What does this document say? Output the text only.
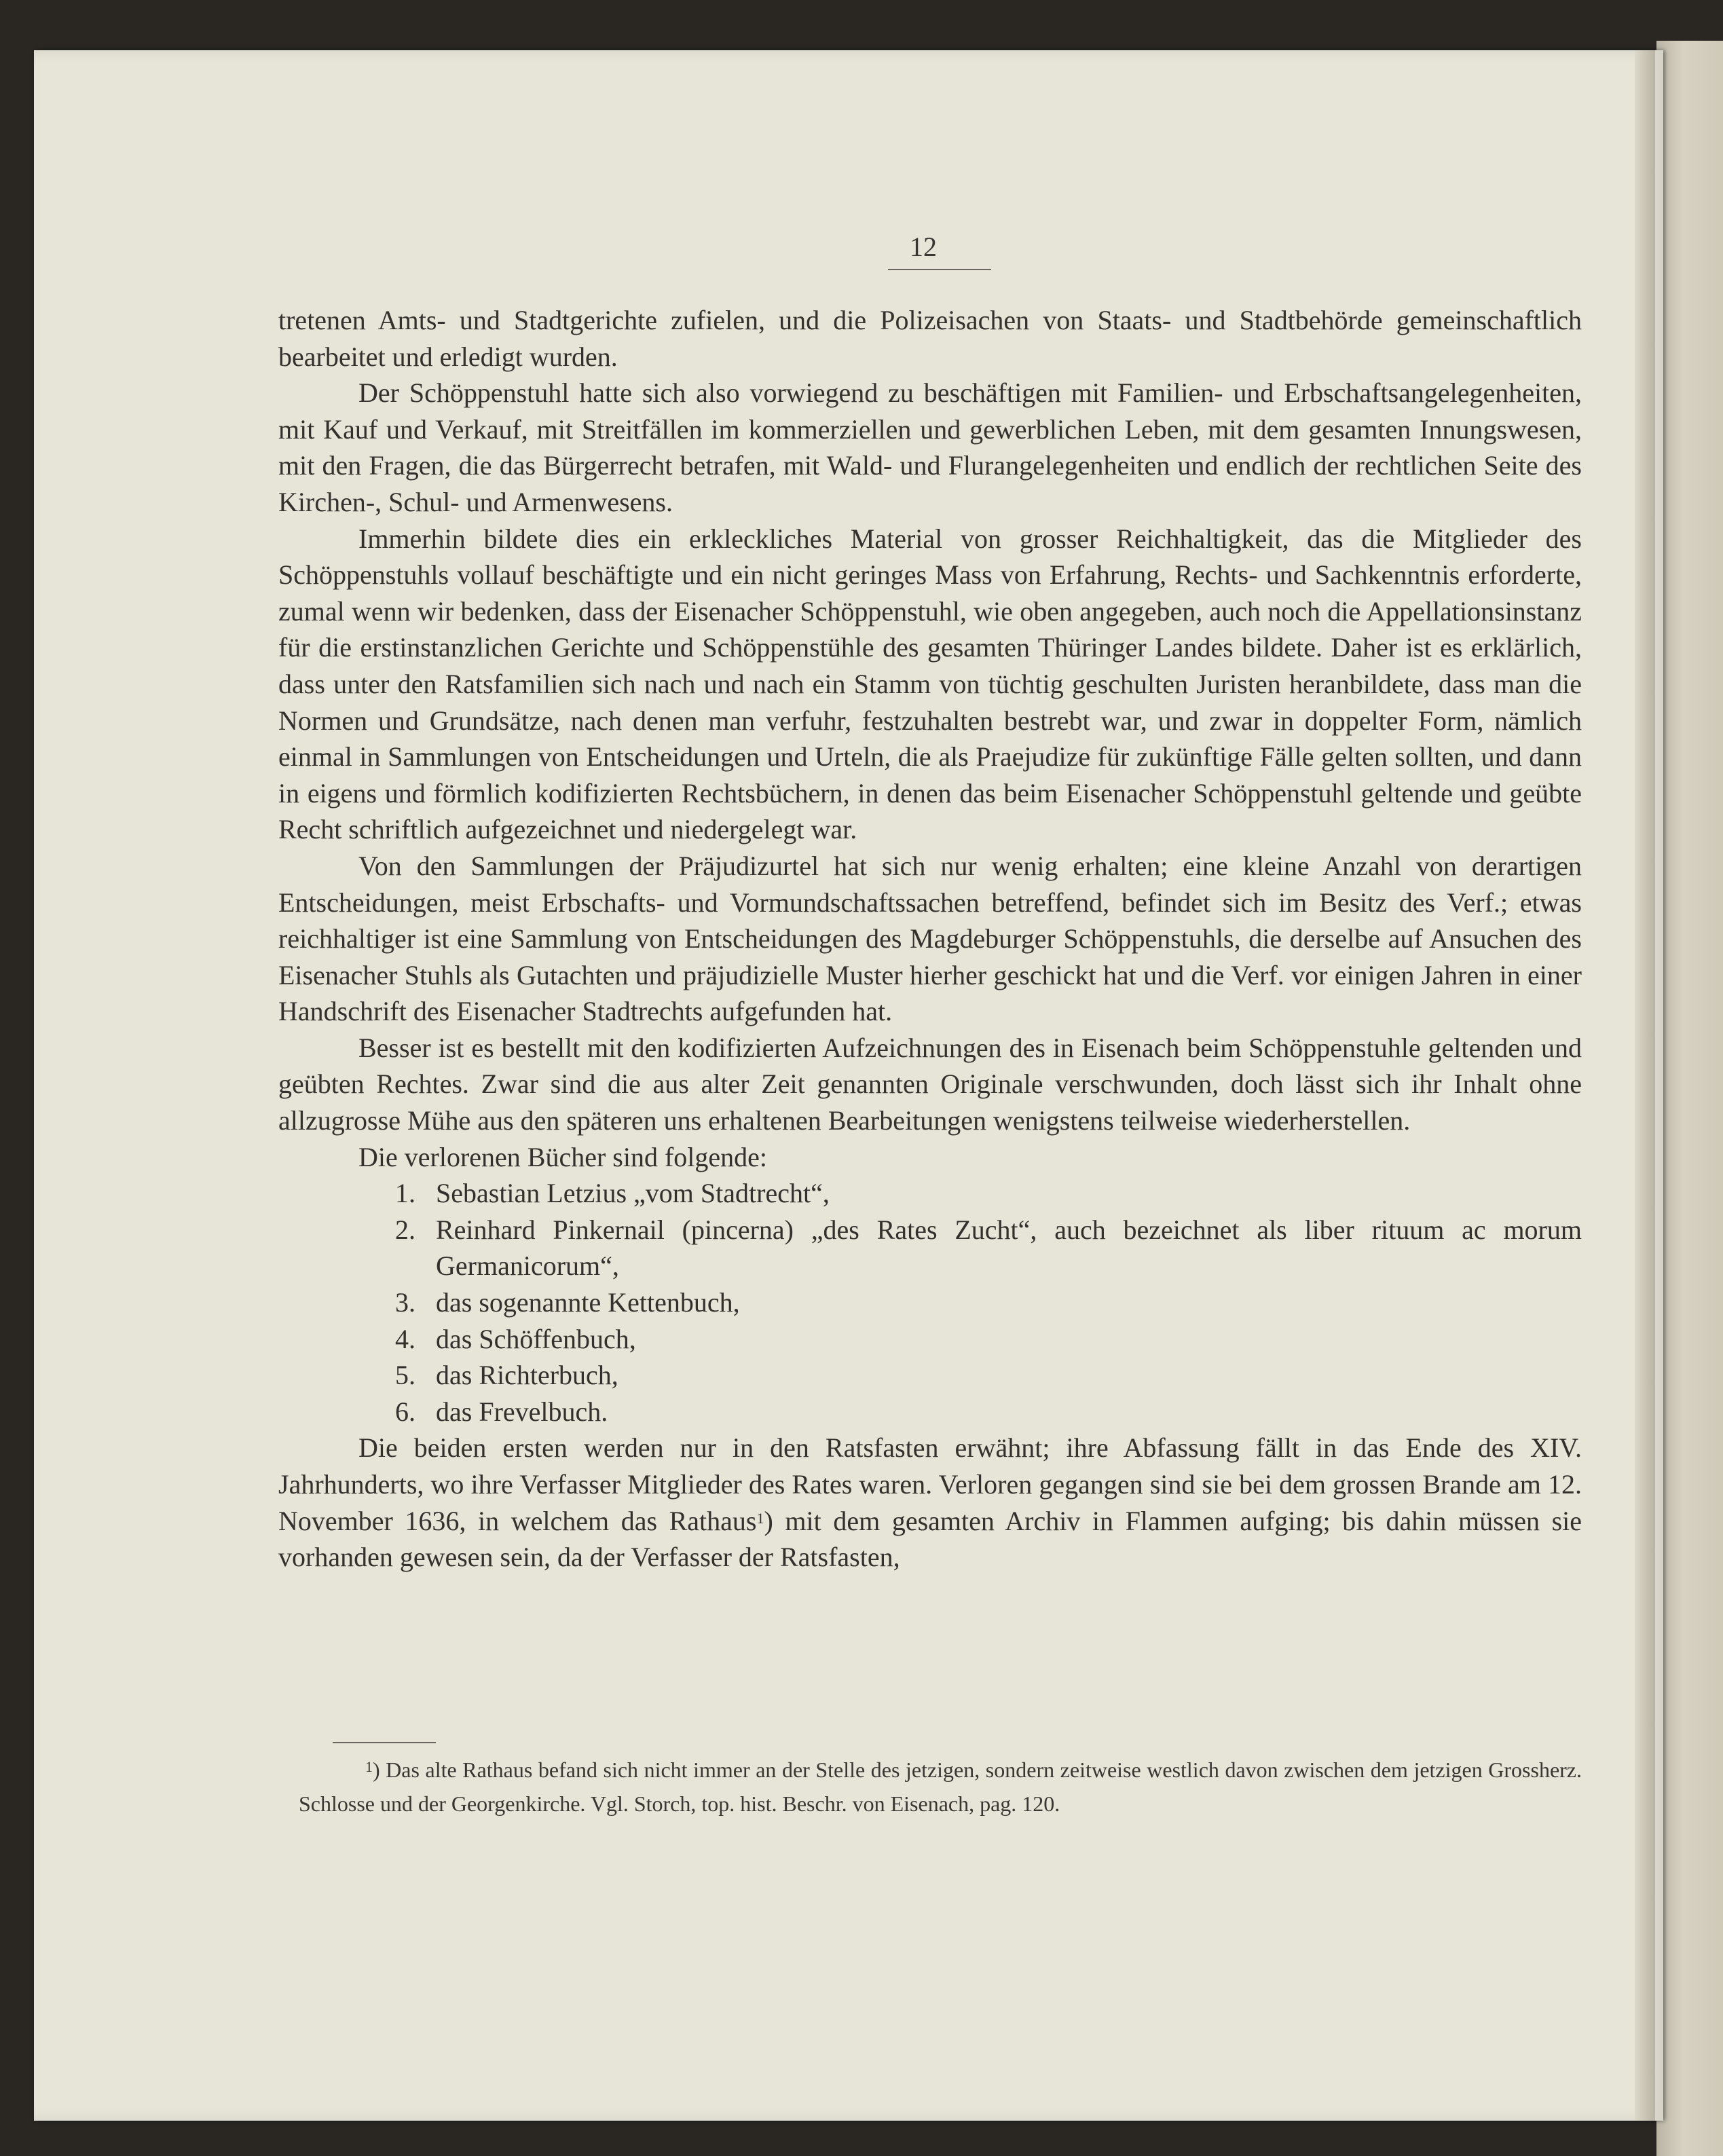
12

tretenen Amts- und Stadtgerichte zufielen, und die Polizeisachen von Staats- und Stadtbehörde gemeinschaftlich bearbeitet und erledigt wurden.

Der Schöppenstuhl hatte sich also vorwiegend zu beschäftigen mit Familien- und Erbschaftsangelegenheiten, mit Kauf und Verkauf, mit Streitfällen im kommerziellen und gewerblichen Leben, mit dem gesamten Innungswesen, mit den Fragen, die das Bürgerrecht betrafen, mit Wald- und Flurangelegenheiten und endlich der rechtlichen Seite des Kirchen-, Schul- und Armenwesens.

Immerhin bildete dies ein erkleckliches Material von grosser Reichhaltigkeit, das die Mitglieder des Schöppenstuhls vollauf beschäftigte und ein nicht geringes Mass von Erfahrung, Rechts- und Sachkenntnis erforderte, zumal wenn wir bedenken, dass der Eisenacher Schöppenstuhl, wie oben angegeben, auch noch die Appellationsinstanz für die erstinstanzlichen Gerichte und Schöppenstühle des gesamten Thüringer Landes bildete. Daher ist es erklärlich, dass unter den Ratsfamilien sich nach und nach ein Stamm von tüchtig geschulten Juristen heranbildete, dass man die Normen und Grundsätze, nach denen man verfuhr, festzuhalten bestrebt war, und zwar in doppelter Form, nämlich einmal in Sammlungen von Entscheidungen und Urteln, die als Praejudize für zukünftige Fälle gelten sollten, und dann in eigens und förmlich kodifizierten Rechtsbüchern, in denen das beim Eisenacher Schöppenstuhl geltende und geübte Recht schriftlich aufgezeichnet und niedergelegt war.

Von den Sammlungen der Präjudizurtel hat sich nur wenig erhalten; eine kleine Anzahl von derartigen Entscheidungen, meist Erbschafts- und Vormundschaftssachen betreffend, befindet sich im Besitz des Verf.; etwas reichhaltiger ist eine Sammlung von Entscheidungen des Magdeburger Schöppenstuhls, die derselbe auf Ansuchen des Eisenacher Stuhls als Gutachten und präjudizielle Muster hierher geschickt hat und die Verf. vor einigen Jahren in einer Handschrift des Eisenacher Stadtrechts aufgefunden hat.

Besser ist es bestellt mit den kodifizierten Aufzeichnungen des in Eisenach beim Schöppenstuhle geltenden und geübten Rechtes. Zwar sind die aus alter Zeit genannten Originale verschwunden, doch lässt sich ihr Inhalt ohne allzugrosse Mühe aus den späteren uns erhaltenen Bearbeitungen wenigstens teilweise wiederherstellen.

Die verlorenen Bücher sind folgende:

1. Sebastian Letzius „vom Stadtrecht“,
2. Reinhard Pinkernail (pincerna) „des Rates Zucht“, auch bezeichnet als liber rituum ac morum Germanicorum“,
3. das sogenannte Kettenbuch,
4. das Schöffenbuch,
5. das Richterbuch,
6. das Frevelbuch.

Die beiden ersten werden nur in den Ratsfasten erwähnt; ihre Abfassung fällt in das Ende des XIV. Jahrhunderts, wo ihre Verfasser Mitglieder des Rates waren. Verloren gegangen sind sie bei dem grossen Brande am 12. November 1636, in welchem das Rathaus$^1$) mit dem gesamten Archiv in Flammen aufging; bis dahin müssen sie vorhanden gewesen sein, da der Verfasser der Ratsfasten,

$^1$) Das alte Rathaus befand sich nicht immer an der Stelle des jetzigen, sondern zeitweise westlich davon zwischen dem jetzigen Grossherz. Schlosse und der Georgenkirche. Vgl. Storch, top. hist. Beschr. von Eisenach, pag. 120.
